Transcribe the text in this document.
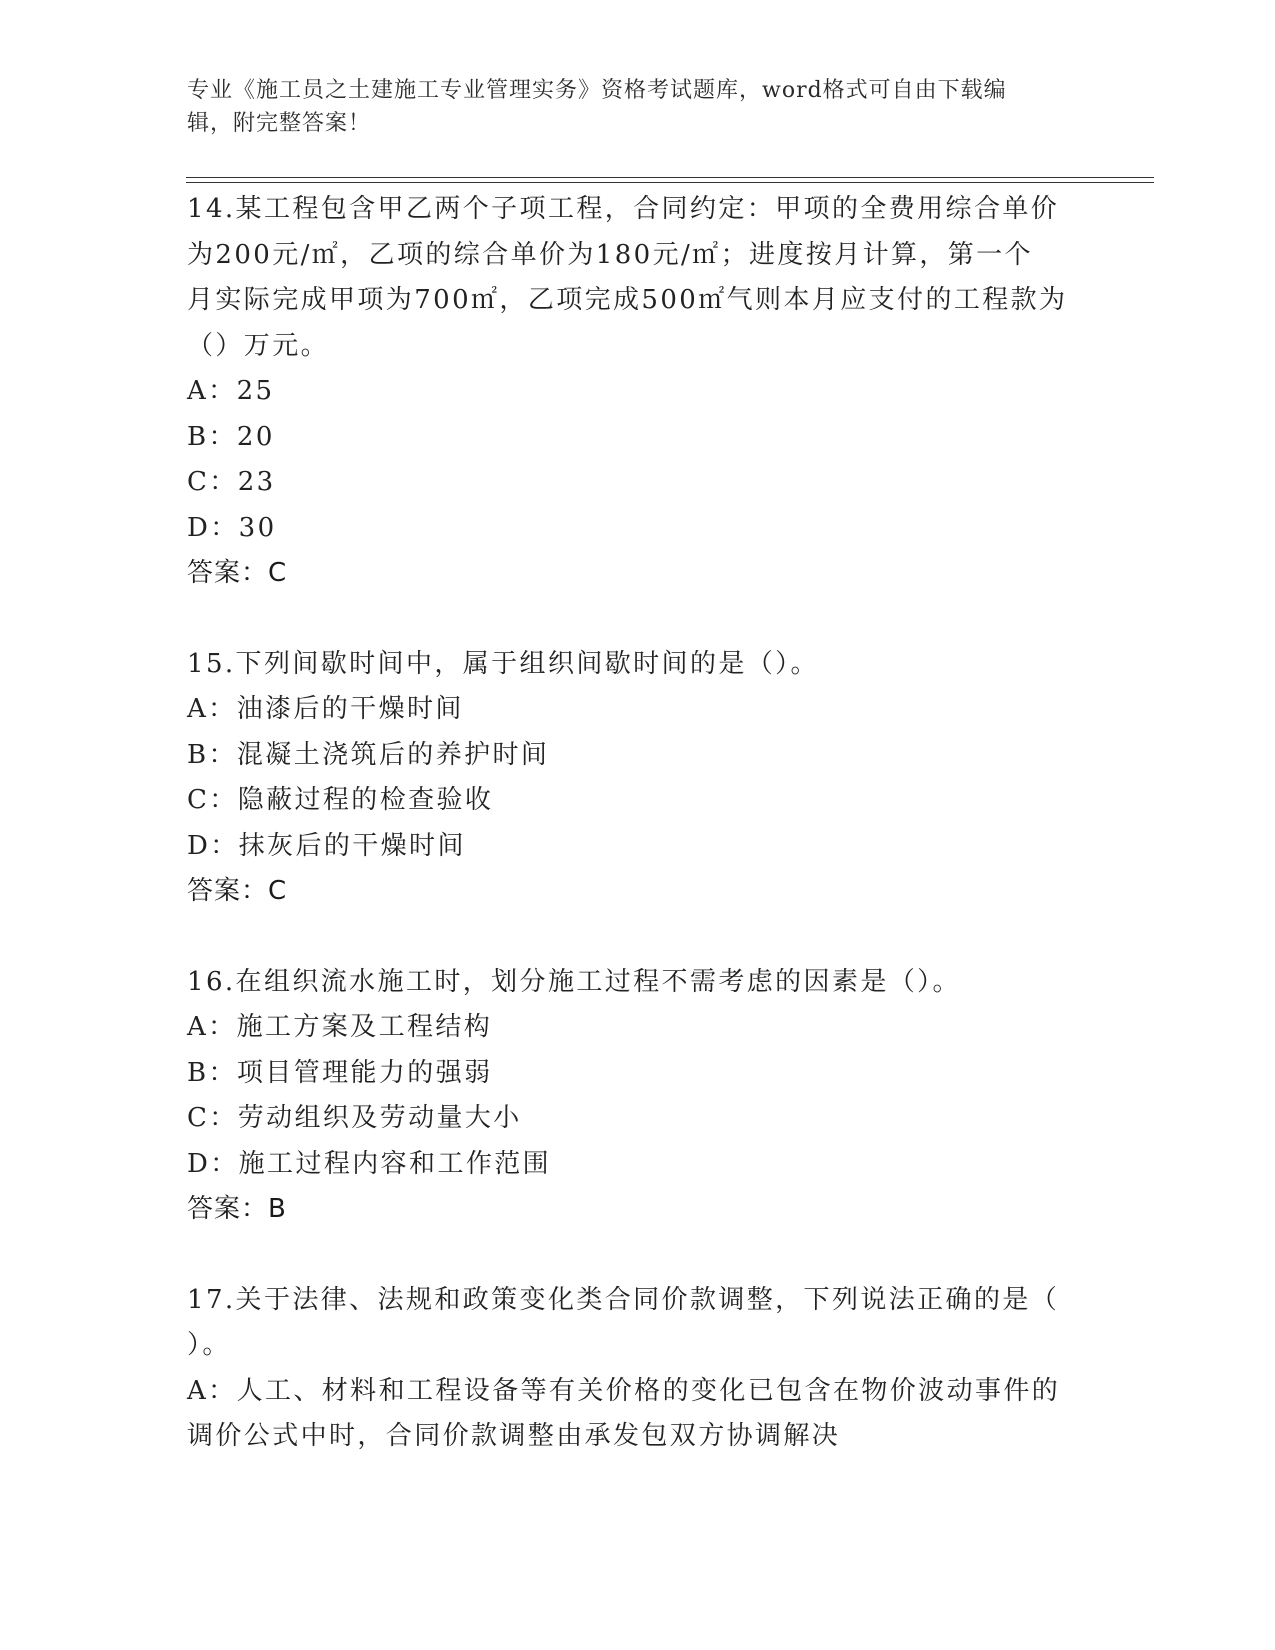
专业《施工员之土建施工专业管理实务》资格考试题库，word格式可自由下载编
辑，附完整答案！
14.某工程包含甲乙两个子项工程，合同约定：甲项的全费用综合单价
为200元/㎡，乙项的综合单价为180元/㎡；进度按月计算，第一个
月实际完成甲项为700㎡，乙项完成500㎡气则本月应支付的工程款为
（）万元。
A：25
B：20
C：23
D：30
答案：C
15.下列间歇时间中，属于组织间歇时间的是（）。
A：油漆后的干燥时间
B：混凝土浇筑后的养护时间
C：隐蔽过程的检查验收
D：抹灰后的干燥时间
答案：C
16.在组织流水施工时，划分施工过程不需考虑的因素是（）。
A：施工方案及工程结构
B：项目管理能力的强弱
C：劳动组织及劳动量大小
D：施工过程内容和工作范围
答案：B
17.关于法律、法规和政策变化类合同价款调整，下列说法正确的是（
）。
A：人工、材料和工程设备等有关价格的变化已包含在物价波动事件的
调价公式中时，合同价款调整由承发包双方协调解决
